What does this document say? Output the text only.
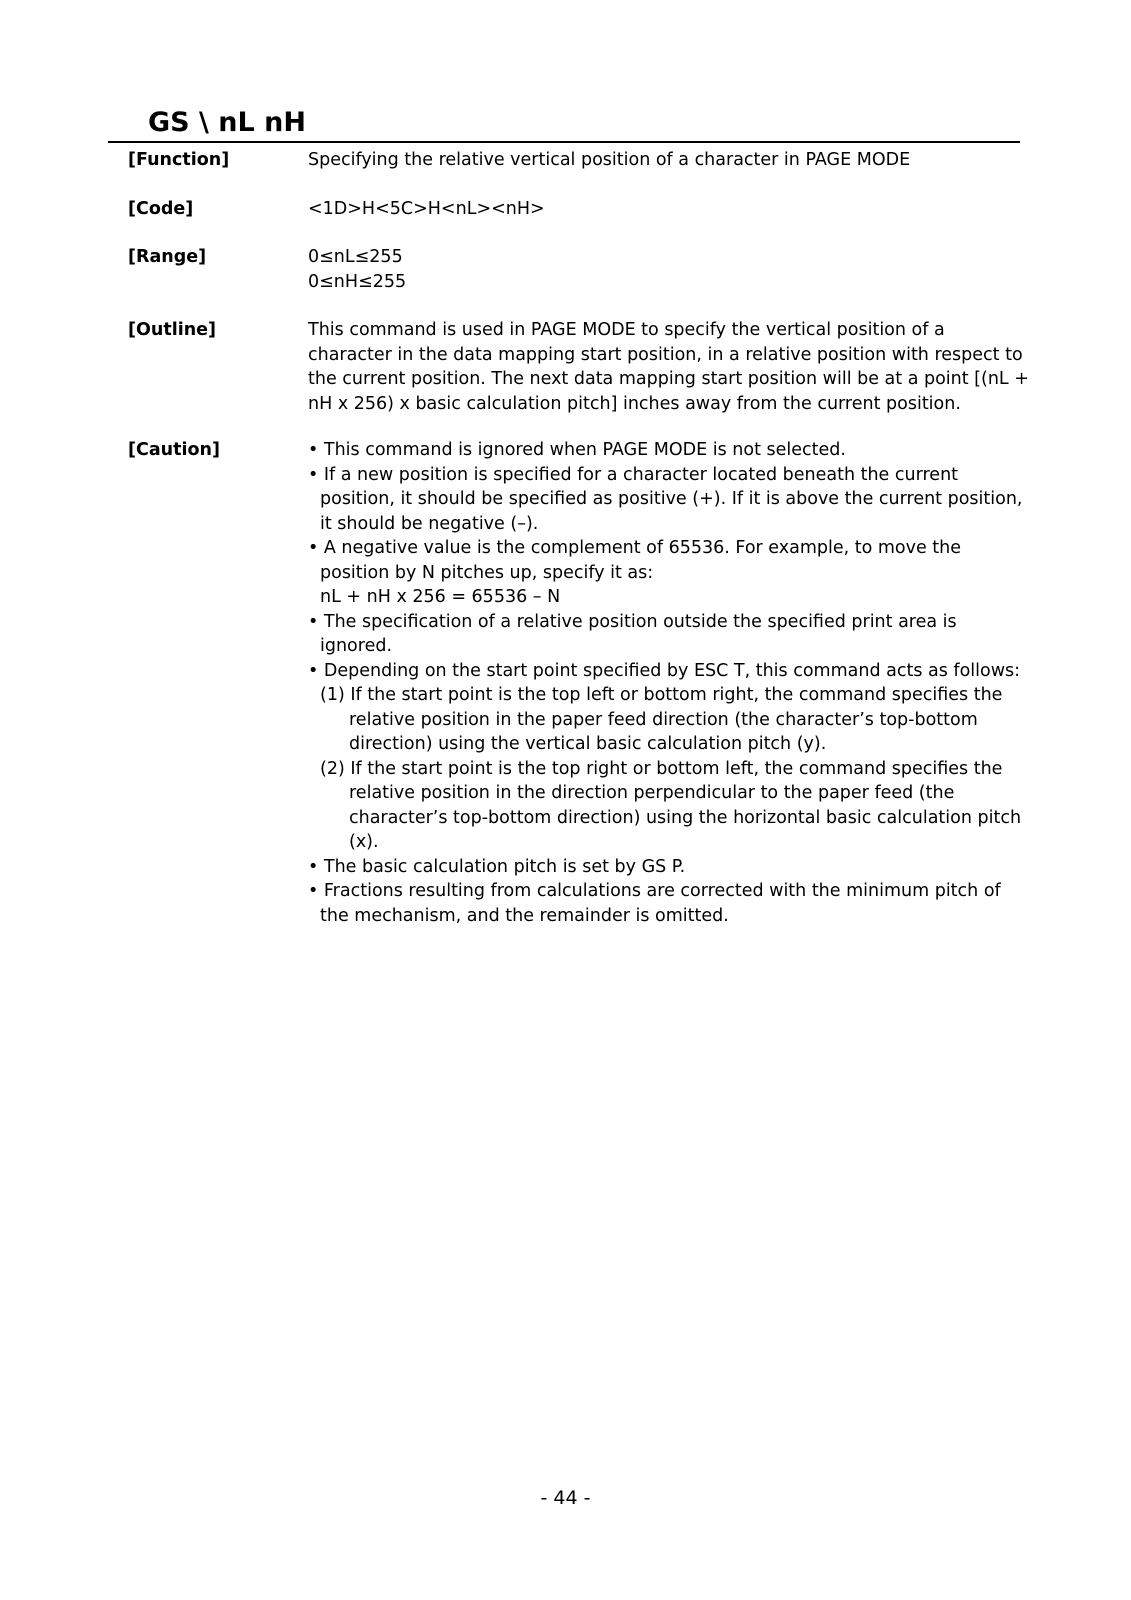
GS \ nL nH
[Function]	Specifying the relative vertical position of a character in PAGE MODE
[Code]	<1D>H<5C>H<nL><nH>
[Range]	0≤nL≤255
0≤nH≤255
[Outline]	This command is used in PAGE MODE to specify the vertical position of a character in the data mapping start position, in a relative position with respect to the current position. The next data mapping start position will be at a point [(nL + nH x 256) x basic calculation pitch] inches away from the current position.

[Caution]	• This command is ignored when PAGE MODE is not selected.

• If a new position is specified for a character located beneath the current position, it should be specified as positive (+). If it is above the current position, it should be negative (–).

• A negative value is the complement of 65536. For example, to move the position by N pitches up, specify it as:

nL + nH x 256 = 65536 – N

• The specification of a relative position outside the specified print area is ignored.

• Depending on the start point specified by ESC T, this command acts as follows:

(1) If the start point is the top left or bottom right, the command specifies the relative position in the paper feed direction (the character’s top-bottom direction) using the vertical basic calculation pitch (y).

(2) If the start point is the top right or bottom left, the command specifies the relative position in the direction perpendicular to the paper feed (the character’s top-bottom direction) using the horizontal basic calculation pitch (x).

• The basic calculation pitch is set by GS P.

• Fractions resulting from calculations are corrected with the minimum pitch of the mechanism, and the remainder is omitted.

- 44 -
